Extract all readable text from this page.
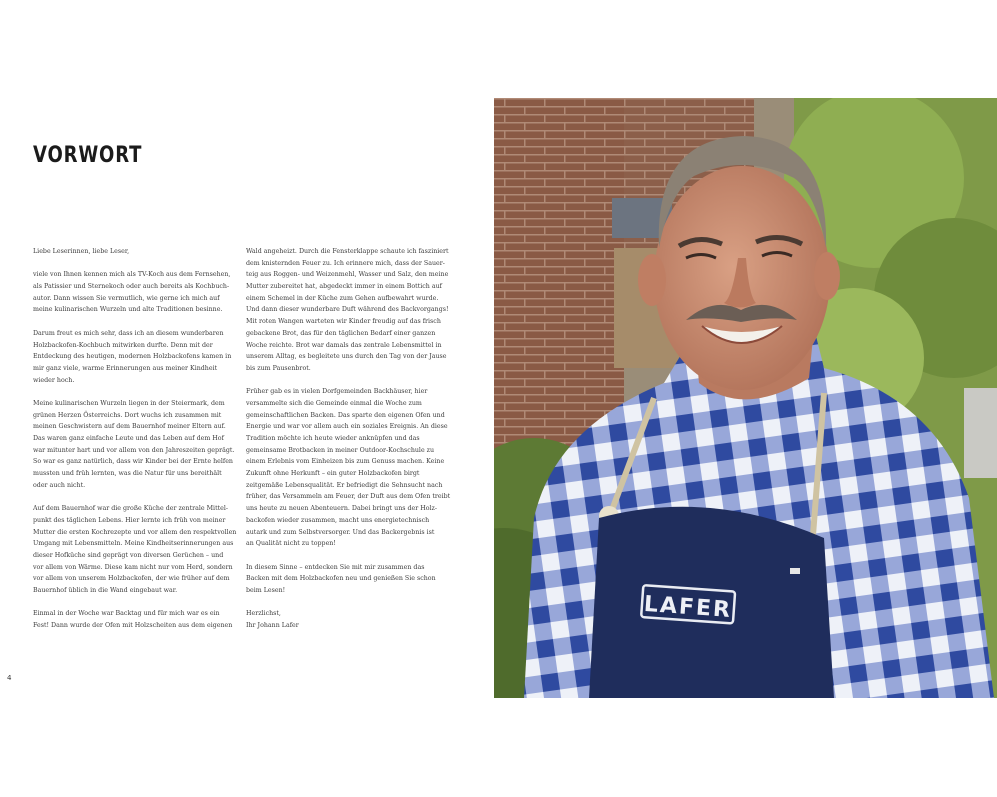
VORWORT
Liebe Leserinnen, liebe Leser,
viele von Ihnen kennen mich als TV-Koch aus dem Fernsehen,
als Patissier und Sternekoch oder auch bereits als Kochbuch-
autor. Dann wissen Sie vermutlich, wie gerne ich mich auf
meine kulinarischen Wurzeln und alte Traditionen besinne.
Darum freut es mich sehr, dass ich an diesem wunderbaren
Holzbackofen-Kochbuch mitwirken durfte. Denn mit der
Entdeckung des heutigen, modernen Holzbackofens kamen in
mir ganz viele, warme Erinnerungen aus meiner Kindheit
wieder hoch.
Meine kulinarischen Wurzeln liegen in der Steiermark, dem
grünen Herzen Österreichs. Dort wuchs ich zusammen mit
meinen Geschwistern auf dem Bauernhof meiner Eltern auf.
Das waren ganz einfache Leute und das Leben auf dem Hof
war mitunter hart und vor allem von den Jahreszeiten geprägt.
So war es ganz natürlich, dass wir Kinder bei der Ernte helfen
mussten und früh lernten, was die Natur für uns bereithält
oder auch nicht.
Auf dem Bauernhof war die große Küche der zentrale Mittel-
punkt des täglichen Lebens. Hier lernte ich früh von meiner
Mutter die ersten Kochrezepte und vor allem den respektvollen
Umgang mit Lebensmitteln. Meine Kindheitserinnerungen aus
dieser Hofküche sind geprägt von diversen Gerüchen – und
vor allem von Wärme. Diese kam nicht nur vom Herd, sondern
vor allem von unserem Holzbackofen, der wie früher auf dem
Bauernhof üblich in die Wand eingebaut war.
Einmal in der Woche war Backtag und für mich war es ein
Fest! Dann wurde der Ofen mit Holzscheiten aus dem eigenen
Wald angeheizt. Durch die Fensterklappe schaute ich fasziniert
dem knisternden Feuer zu. Ich erinnere mich, dass der Sauer-
teig aus Roggen- und Weizenmehl, Wasser und Salz, den meine
Mutter zubereitet hat, abgedeckt immer in einem Bottich auf
einem Schemel in der Küche zum Gehen aufbewahrt wurde.
Und dann dieser wunderbare Duft während des Backvorgangs!
Mit roten Wangen warteten wir Kinder freudig auf das frisch
gebackene Brot, das für den täglichen Bedarf einer ganzen
Woche reichte. Brot war damals das zentrale Lebensmittel in
unserem Alltag, es begleitete uns durch den Tag von der Jause
bis zum Pausenbrot.
Früher gab es in vielen Dorfgemeinden Backhäuser, hier
versammelte sich die Gemeinde einmal die Woche zum
gemeinschaftlichen Backen. Das sparte den eigenen Ofen und
Energie und war vor allem auch ein soziales Ereignis. An diese
Tradition möchte ich heute wieder anknüpfen und das
gemeinsame Brotbacken in meiner Outdoor-Kochschule zu
einem Erlebnis vom Einheizen bis zum Genuss machen. Keine
Zukunft ohne Herkunft – ein guter Holzbackofen birgt
zeitgemäße Lebensqualität. Er befriedigt die Sehnsucht nach
früher, das Versammeln am Feuer, der Duft aus dem Ofen treibt
uns heute zu neuen Abenteuern. Dabei bringt uns der Holz-
backofen wieder zusammen, macht uns energietechnisch
autark und zum Selbstversorger. Und das Backergebnis ist
an Qualität nicht zu toppen!
In diesem Sinne – entdecken Sie mit mir zusammen das
Backen mit dem Holzbackofen neu und genießen Sie schon
beim Lesen!
Herzlichst,
Ihr Johann Lafer
4
LAFER
